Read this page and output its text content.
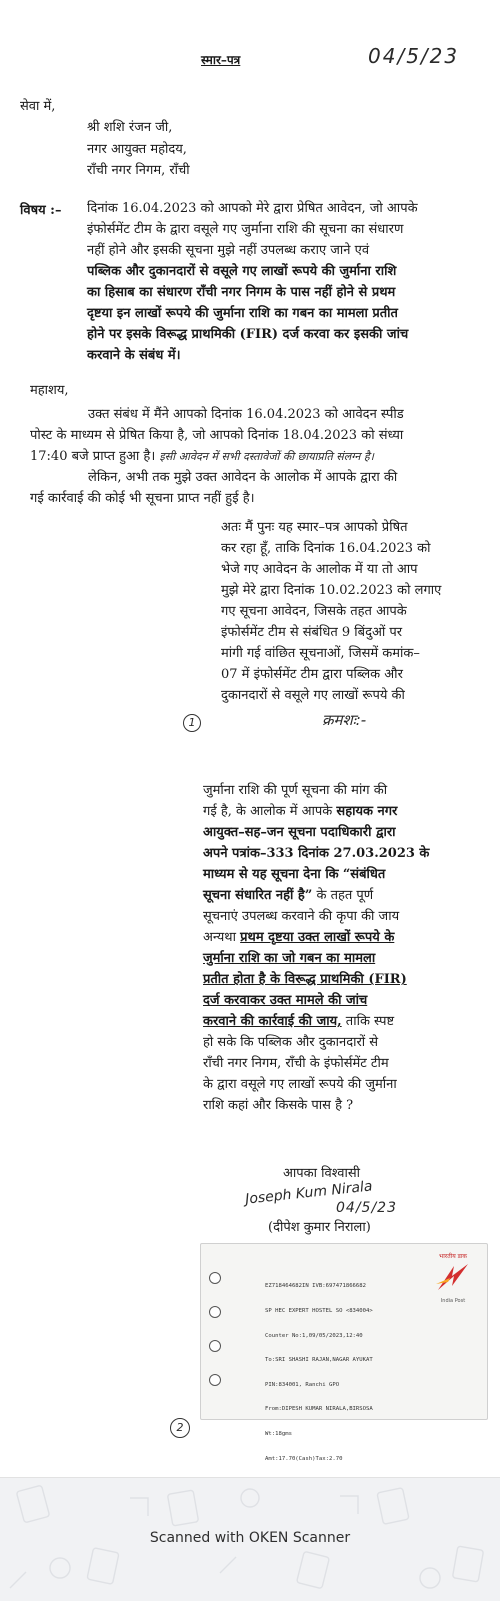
स्मार–पत्र	04/5/23
सेवा में,
श्री शशि रंजन जी,
नगर आयुक्त महोदय,
राँची नगर निगम, राँची
विषय :– दिनांक 16.04.2023 को आपको मेरे द्वारा प्रेषित आवेदन, जो आपके

इंफोर्समेंट टीम के द्वारा वसूले गए जुर्माना राशि की सूचना का संधारण

नहीं होने और इसकी सूचना मुझे नहीं उपलब्ध कराए जाने एवं

पब्लिक और दुकानदारों से वसूले गए लाखों रूपये की जुर्माना राशि

का हिसाब का संधारण राँची नगर निगम के पास नहीं होने से प्रथम

दृष्टया इन लाखों रूपये की जुर्माना राशि का गबन का मामला प्रतीत

होने पर इसके विरूद्ध प्राथमिकी (FIR) दर्ज करवा कर इसकी जांच

करवाने के संबंध में।

महाशय,

उक्त संबंध में मैंने आपको दिनांक 16.04.2023 को आवेदन स्पीड

पोस्ट के माध्यम से प्रेषित किया है, जो आपको दिनांक 18.04.2023 को संध्या

17:40 बजे प्राप्त हुआ है। इसी आवेदन में सभी दस्तावेजों की छायाप्रति संलग्न है।

लेकिन, अभी तक मुझे उक्त आवेदन के आलोक में आपके द्वारा की

गई कार्रवाई की कोई भी सूचना प्राप्त नहीं हुई है।

अतः मैं पुनः यह स्मार–पत्र आपको प्रेषित

कर रहा हूँ, ताकि दिनांक 16.04.2023 को

भेजे गए आवेदन के आलोक में या तो आप

मुझे मेरे द्वारा दिनांक 10.02.2023 को लगाए

गए सूचना आवेदन, जिसके तहत आपके

इंफोर्समेंट टीम से संबंधित 9 बिंदुओं पर

मांगी गई वांछित सूचनाओं, जिसमें कमांक–

07 में इंफोर्समेंट टीम द्वारा पब्लिक और

दुकानदारों से वसूले गए लाखों रूपये की

1	क्रमशः:-

जुर्माना राशि की पूर्ण सूचना की मांग की

गई है, के आलोक में आपके सहायक नगर

आयुक्त–सह–जन सूचना पदाधिकारी द्वारा

अपने पत्रांक–333 दिनांक 27.03.2023 के

माध्यम से यह सूचना देना कि “संबंधित

सूचना संधारित नहीं है” के तहत पूर्ण

सूचनाएं उपलब्ध करवाने की कृपा की जाय

अन्यथा प्रथम दृष्टया उक्त लाखों रूपये के

जुर्माना राशि का जो गबन का मामला

प्रतीत होता है के विरूद्ध प्राथमिकी (FIR)

दर्ज करवाकर उक्त मामले की जांच

करवाने की कार्रवाई की जाय, ताकि स्पष्ट

हो सके कि पब्लिक और दुकानदारों से

राँची नगर निगम, राँची के इंफोर्समेंट टीम

के द्वारा वसूले गए लाखों रूपये की जुर्माना

राशि कहां और किसके पास है ?

आपका विश्वासी
Joseph Kum Nirala
04/5/23
(दीपेश कुमार निराला)

EZ718464682IN IVB:697471866682

SP HEC EXPERT HOSTEL SO <834004>

Counter No:1,09/05/2023,12:40

To:SRI SHASHI RAJAN,NAGAR AYUKAT

PIN:834001, Ranchi GPO

From:DIPESH KUMAR NIRALA,BIRSOSA

Wt:18gms

Amt:17.70(Cash)Tax:2.70

भारतीय डाक
India Post
2
Scanned with OKEN Scanner
